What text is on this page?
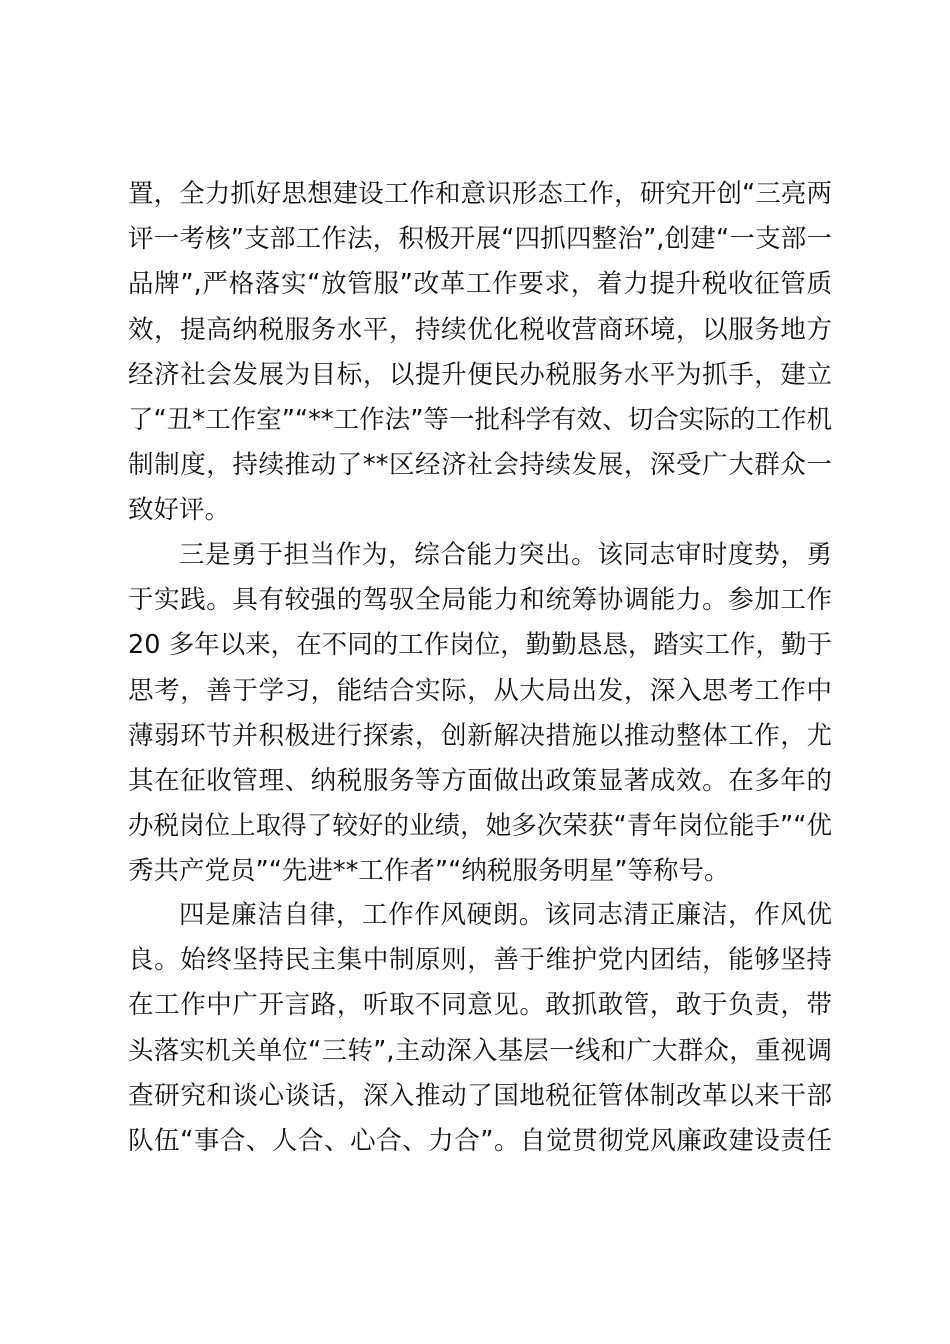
置，全力抓好思想建设工作和意识形态工作，研究开创“三亮两
评一考核”支部工作法，积极开展“四抓四整治”,创建“一支部一
品牌”,严格落实“放管服”改革工作要求，着力提升税收征管质
效，提高纳税服务水平，持续优化税收营商环境，以服务地方
经济社会发展为目标，以提升便民办税服务水平为抓手，建立
了“丑*工作室”“**工作法”等一批科学有效、切合实际的工作机
制制度，持续推动了**区经济社会持续发展，深受广大群众一
致好评。
三是勇于担当作为，综合能力突出。该同志审时度势，勇
于实践。具有较强的驾驭全局能力和统筹协调能力。参加工作
20 多年以来，在不同的工作岗位，勤勤恳恳，踏实工作，勤于
思考，善于学习，能结合实际，从大局出发，深入思考工作中
薄弱环节并积极进行探索，创新解决措施以推动整体工作，尤
其在征收管理、纳税服务等方面做出政策显著成效。在多年的
办税岗位上取得了较好的业绩，她多次荣获“青年岗位能手”“优
秀共产党员”“先进**工作者”“纳税服务明星”等称号。
四是廉洁自律，工作作风硬朗。该同志清正廉洁，作风优
良。始终坚持民主集中制原则，善于维护党内团结，能够坚持
在工作中广开言路，听取不同意见。敢抓敢管，敢于负责，带
头落实机关单位“三转”,主动深入基层一线和广大群众，重视调
查研究和谈心谈话，深入推动了国地税征管体制改革以来干部
队伍“事合、人合、心合、力合”。自觉贯彻党风廉政建设责任
